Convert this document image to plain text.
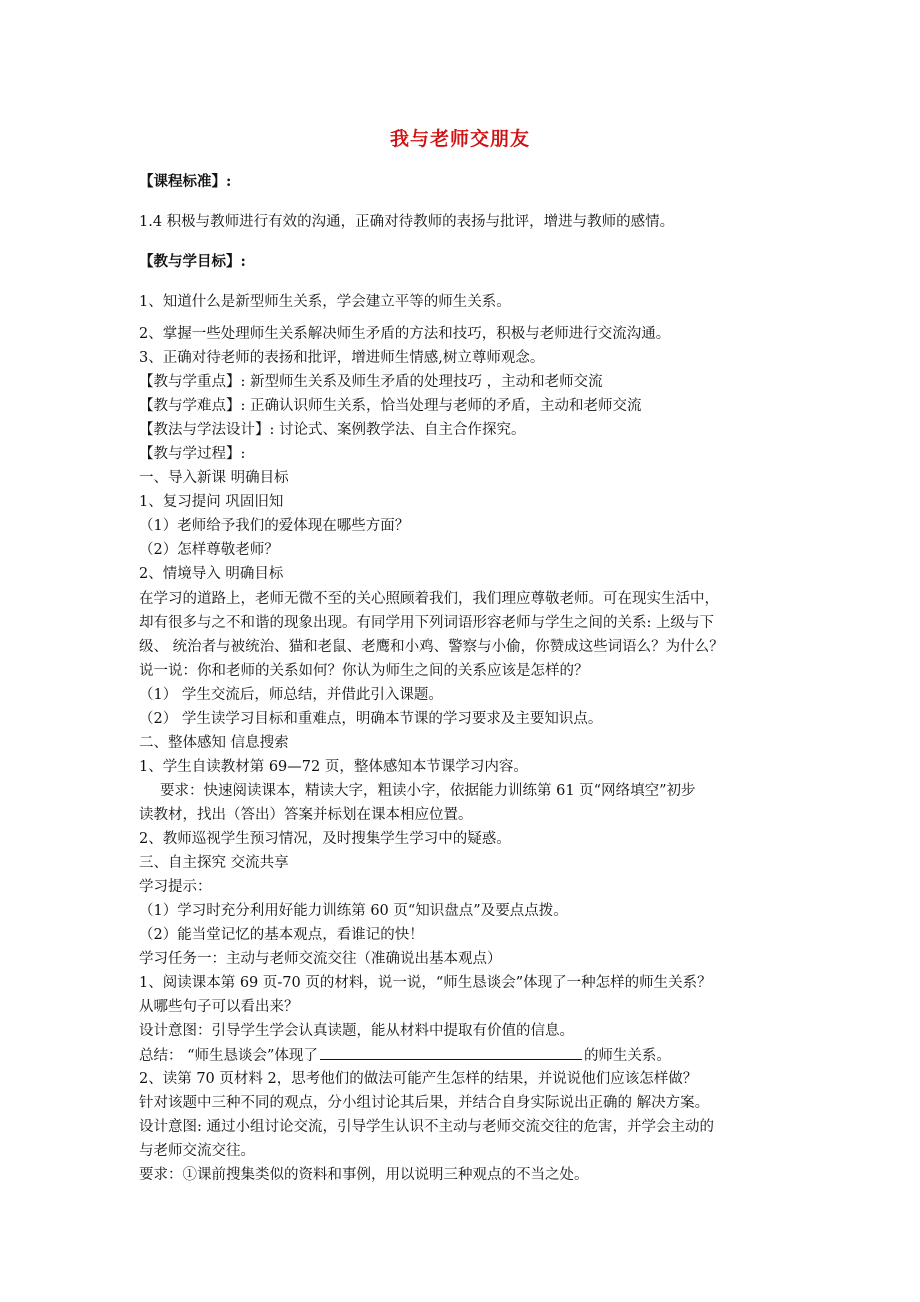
我与老师交朋友
【课程标准】:
1.4 积极与教师进行有效的沟通，正确对待教师的表扬与批评，增进与教师的感情。
【教与学目标】:
1、知道什么是新型师生关系，学会建立平等的师生关系。
2、掌握一些处理师生关系解决师生矛盾的方法和技巧，积极与老师进行交流沟通。
3、正确对待老师的表扬和批评，增进师生情感,树立尊师观念。
【教与学重点】: 新型师生关系及师生矛盾的处理技巧 ，主动和老师交流
【教与学难点】: 正确认识师生关系，恰当处理与老师的矛盾，主动和老师交流
【教法与学法设计】: 讨论式、案例教学法、自主合作探究。
【教与学过程】:
一、导入新课 明确目标
1、复习提问 巩固旧知
（1）老师给予我们的爱体现在哪些方面？
（2）怎样尊敬老师？
2、情境导入 明确目标
在学习的道路上，老师无微不至的关心照顾着我们，我们理应尊敬老师。可在现实生活中，
却有很多与之不和谐的现象出现。有同学用下列词语形容老师与学生之间的关系: 上级与下
级、 统治者与被统治、猫和老鼠、老鹰和小鸡、警察与小偷，你赞成这些词语么？为什么？
说一说：你和老师的关系如何？你认为师生之间的关系应该是怎样的？
（1） 学生交流后，师总结，并借此引入课题。
（2） 学生读学习目标和重难点，明确本节课的学习要求及主要知识点。
二、整体感知 信息搜索
1、学生自读教材第 69—72 页，整体感知本节课学习内容。
要求：快速阅读课本，精读大字，粗读小字，依据能力训练第 61 页“网络填空”初步
读教材，找出（答出）答案并标划在课本相应位置。
2、教师巡视学生预习情况，及时搜集学生学习中的疑惑。
三、自主探究 交流共享
学习提示：
（1）学习时充分利用好能力训练第 60 页“知识盘点”及要点点拨。
（2）能当堂记忆的基本观点，看谁记的快！
学习任务一：主动与老师交流交往（准确说出基本观点）
1、阅读课本第 69 页-70 页的材料，说一说，“师生恳谈会”体现了一种怎样的师生关系？
从哪些句子可以看出来？
设计意图：引导学生学会认真读题，能从材料中提取有价值的信息。
总结： “师生恳谈会”体现了	的师生关系。
2、读第 70 页材料 2，思考他们的做法可能产生怎样的结果，并说说他们应该怎样做？
针对该题中三种不同的观点，分小组讨论其后果，并结合自身实际说出正确的 解决方案。
设计意图: 通过小组讨论交流，引导学生认识不主动与老师交流交往的危害，并学会主动的
与老师交流交往。
要求：①课前搜集类似的资料和事例，用以说明三种观点的不当之处。
